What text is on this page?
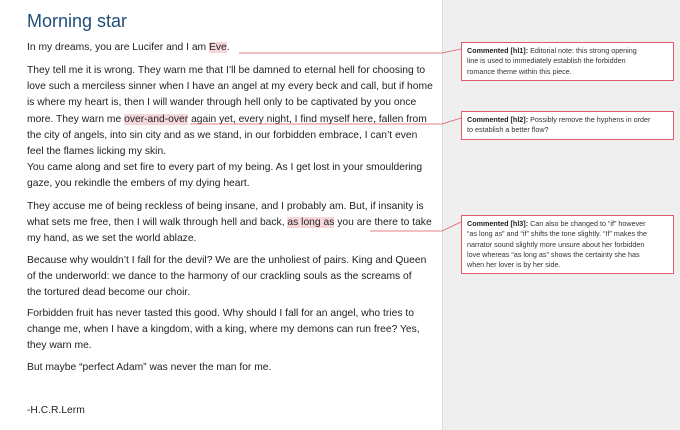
Morning star

In my dreams, you are Lucifer and I am Eve.

They tell me it is wrong. They warn me that I’ll be damned to eternal hell for choosing to
love such a merciless sinner when I have an angel at my every beck and call, but if home
is where my heart is, then I will wander through hell only to be captivated by you once
more. They warn me over-and-over again yet, every night, I find myself here, fallen from
the city of angels, into sin city and as we stand, in our forbidden embrace, I can’t even
feel the flames licking my skin.
You came along and set fire to every part of my being. As I get lost in your smouldering
gaze, you rekindle the embers of my dying heart.
They accuse me of being reckless of being insane, and I probably am. But, if insanity is
what sets me free, then I will walk through hell and back, as long as you are there to take
my hand, as we set the world ablaze.
Because why wouldn’t I fall for the devil? We are the unholiest of pairs. King and Queen
of the underworld: we dance to the harmony of our crackling souls as the screams of
the tortured dead become our choir.
Forbidden fruit has never tasted this good. Why should I fall for an angel, who tries to
change me, when I have a kingdom, with a king, where my demons can run free? Yes,
they warn me.
But maybe “perfect Adam” was never the man for me.
-H.C.R.Lerm
Commented [hl1]: Editorial note: this strong opening
line is used to immediately establish the forbidden
romance theme within this piece.
Commented [hl2]: Possibly remove the hyphens in order
to establish a better flow?
Commented [hl3]: Can also be changed to “if” however
“as long as” and “if” shifts the tone slightly. “If” makes the
narrator sound slightly more unsure about her forbidden
love whereas “as long as” shows the certainty she has
when her lover is by her side.
